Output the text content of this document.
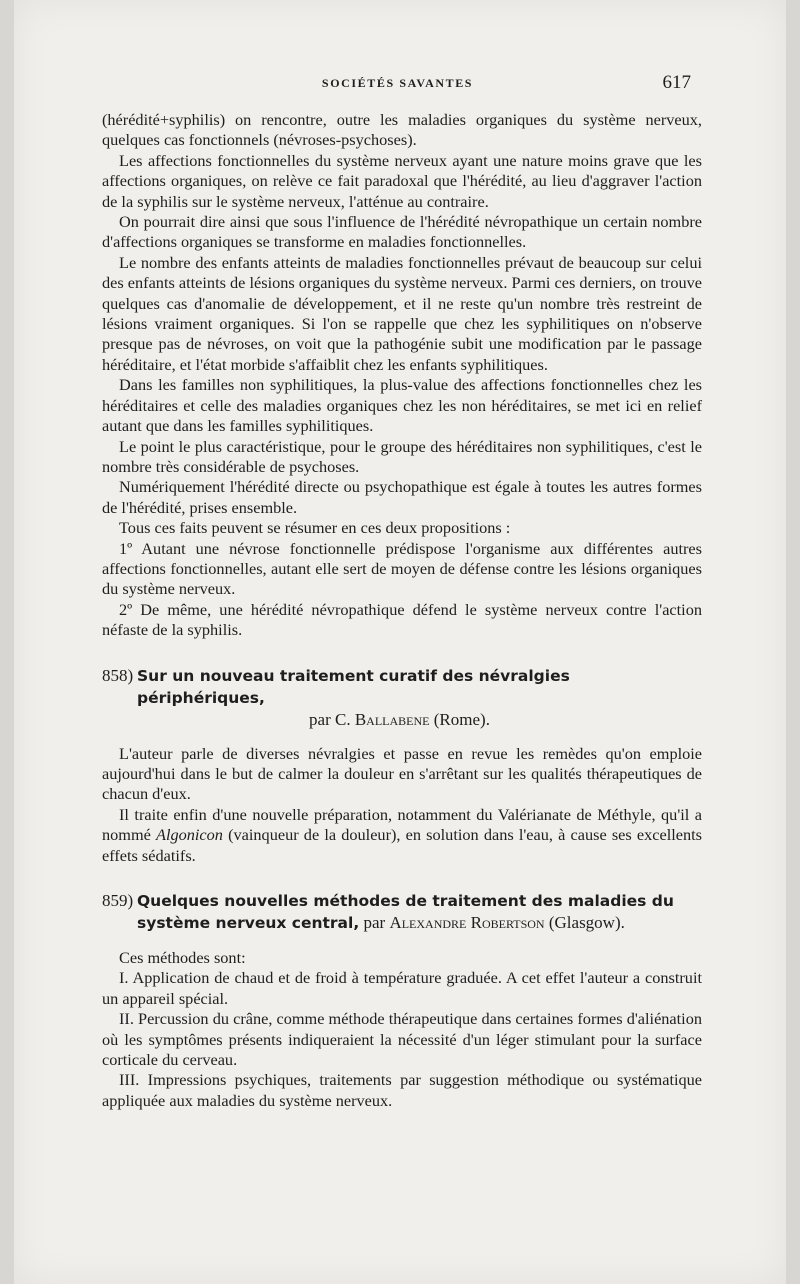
SOCIÉTÉS SAVANTES	617

(hérédité+syphilis) on rencontre, outre les maladies organiques du système nerveux, quelques cas fonctionnels (névroses-psychoses).

Les affections fonctionnelles du système nerveux ayant une nature moins grave que les affections organiques, on relève ce fait paradoxal que l'hérédité, au lieu d'aggraver l'action de la syphilis sur le système nerveux, l'atténue au contraire.

On pourrait dire ainsi que sous l'influence de l'hérédité névropathique un certain nombre d'affections organiques se transforme en maladies fonctionnelles.

Le nombre des enfants atteints de maladies fonctionnelles prévaut de beaucoup sur celui des enfants atteints de lésions organiques du système nerveux. Parmi ces derniers, on trouve quelques cas d'anomalie de développement, et il ne reste qu'un nombre très restreint de lésions vraiment organiques. Si l'on se rappelle que chez les syphilitiques on n'observe presque pas de névroses, on voit que la pathogénie subit une modification par le passage héréditaire, et l'état morbide s'affaiblit chez les enfants syphilitiques.

Dans les familles non syphilitiques, la plus-value des affections fonctionnelles chez les héréditaires et celle des maladies organiques chez les non héréditaires, se met ici en relief autant que dans les familles syphilitiques.

Le point le plus caractéristique, pour le groupe des héréditaires non syphilitiques, c'est le nombre très considérable de psychoses.

Numériquement l'hérédité directe ou psychopathique est égale à toutes les autres formes de l'hérédité, prises ensemble.

Tous ces faits peuvent se résumer en ces deux propositions :

1º Autant une névrose fonctionnelle prédispose l'organisme aux différentes autres affections fonctionnelles, autant elle sert de moyen de défense contre les lésions organiques du système nerveux.

2º De même, une hérédité névropathique défend le système nerveux contre l'action néfaste de la syphilis.

858) Sur un nouveau traitement curatif des névralgies périphériques,
par C. Ballabene (Rome).

L'auteur parle de diverses névralgies et passe en revue les remèdes qu'on emploie aujourd'hui dans le but de calmer la douleur en s'arrêtant sur les qualités thérapeutiques de chacun d'eux.

Il traite enfin d'une nouvelle préparation, notamment du Valérianate de Méthyle, qu'il a nommé Algonicon (vainqueur de la douleur), en solution dans l'eau, à cause ses excellents effets sédatifs.

859) Quelques nouvelles méthodes de traitement des maladies du système nerveux central, par Alexandre Robertson (Glasgow).

Ces méthodes sont:

I. Application de chaud et de froid à température graduée. A cet effet l'auteur a construit un appareil spécial.

II. Percussion du crâne, comme méthode thérapeutique dans certaines formes d'aliénation où les symptômes présents indiqueraient la nécessité d'un léger stimulant pour la surface corticale du cerveau.

III. Impressions psychiques, traitements par suggestion méthodique ou systématique appliquée aux maladies du système nerveux.
